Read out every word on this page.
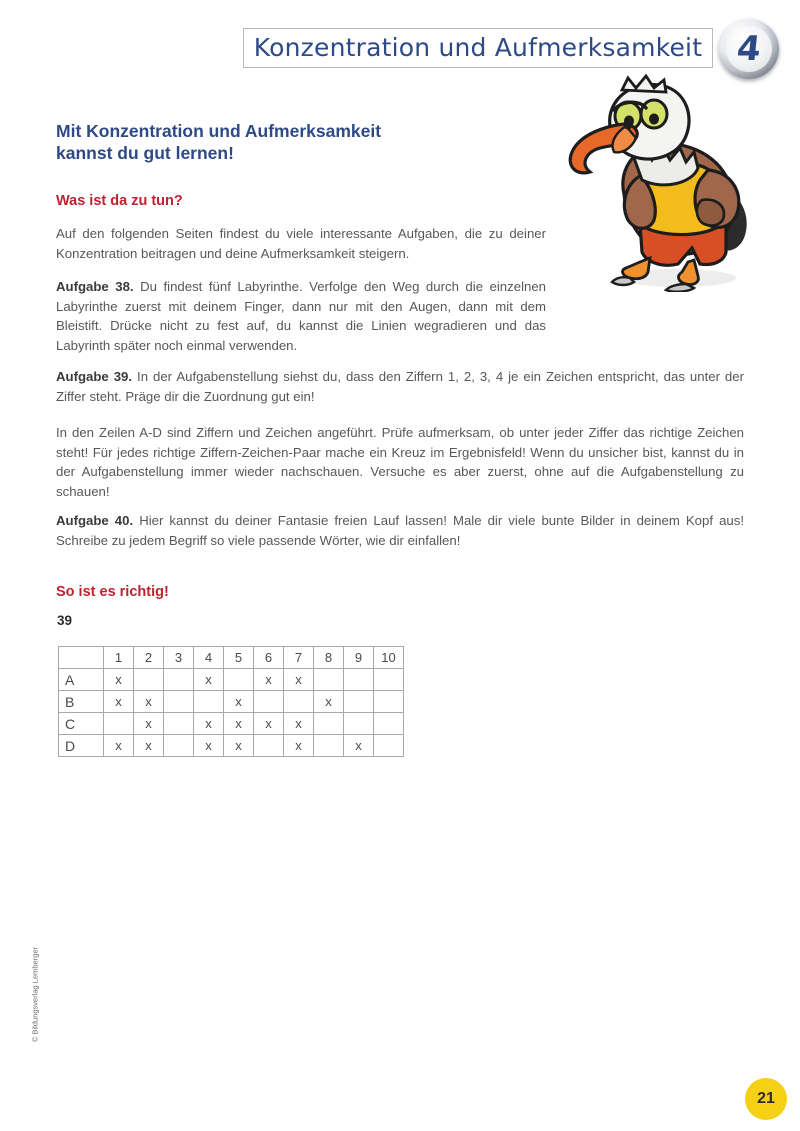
Konzentration und Aufmerksamkeit 4
Mit Konzentration und Aufmerksamkeit
kannst du gut lernen!
Was ist da zu tun?
Auf den folgenden Seiten findest du viele interessante Aufgaben, die zu deiner Konzentration beitragen und deine Aufmerksamkeit steigern.
Aufgabe 38. Du findest fünf Labyrinthe. Verfolge den Weg durch die einzelnen Labyrinthe zuerst mit deinem Finger, dann nur mit den Augen, dann mit dem Bleistift. Drücke nicht zu fest auf, du kannst die Linien wegradieren und das Labyrinth später noch einmal verwenden.
Aufgabe 39. In der Aufgabenstellung siehst du, dass den Ziffern 1, 2, 3, 4 je ein Zeichen entspricht, das unter der Ziffer steht. Präge dir die Zuordnung gut ein!
In den Zeilen A-D sind Ziffern und Zeichen angeführt. Prüfe aufmerksam, ob unter jeder Ziffer das richtige Zeichen steht! Für jedes richtige Ziffern-Zeichen-Paar mache ein Kreuz im Ergebnisfeld! Wenn du unsicher bist, kannst du in der Aufgabenstellung immer wieder nachschauen. Versuche es aber zuerst, ohne auf die Aufgabenstellung zu schauen!
Aufgabe 40. Hier kannst du deiner Fantasie freien Lauf lassen! Male dir viele bunte Bilder in deinem Kopf aus! Schreibe zu jedem Begriff so viele passende Wörter, wie dir einfallen!
So ist es richtig!
39
	1	2	3	4	5	6	7	8	9	10
A	x			x		x	x			
B	x	x			x			x		
C		x		x	x	x	x			
D	x	x		x	x		x		x	
© Bildungsverlag Lemberger
21
